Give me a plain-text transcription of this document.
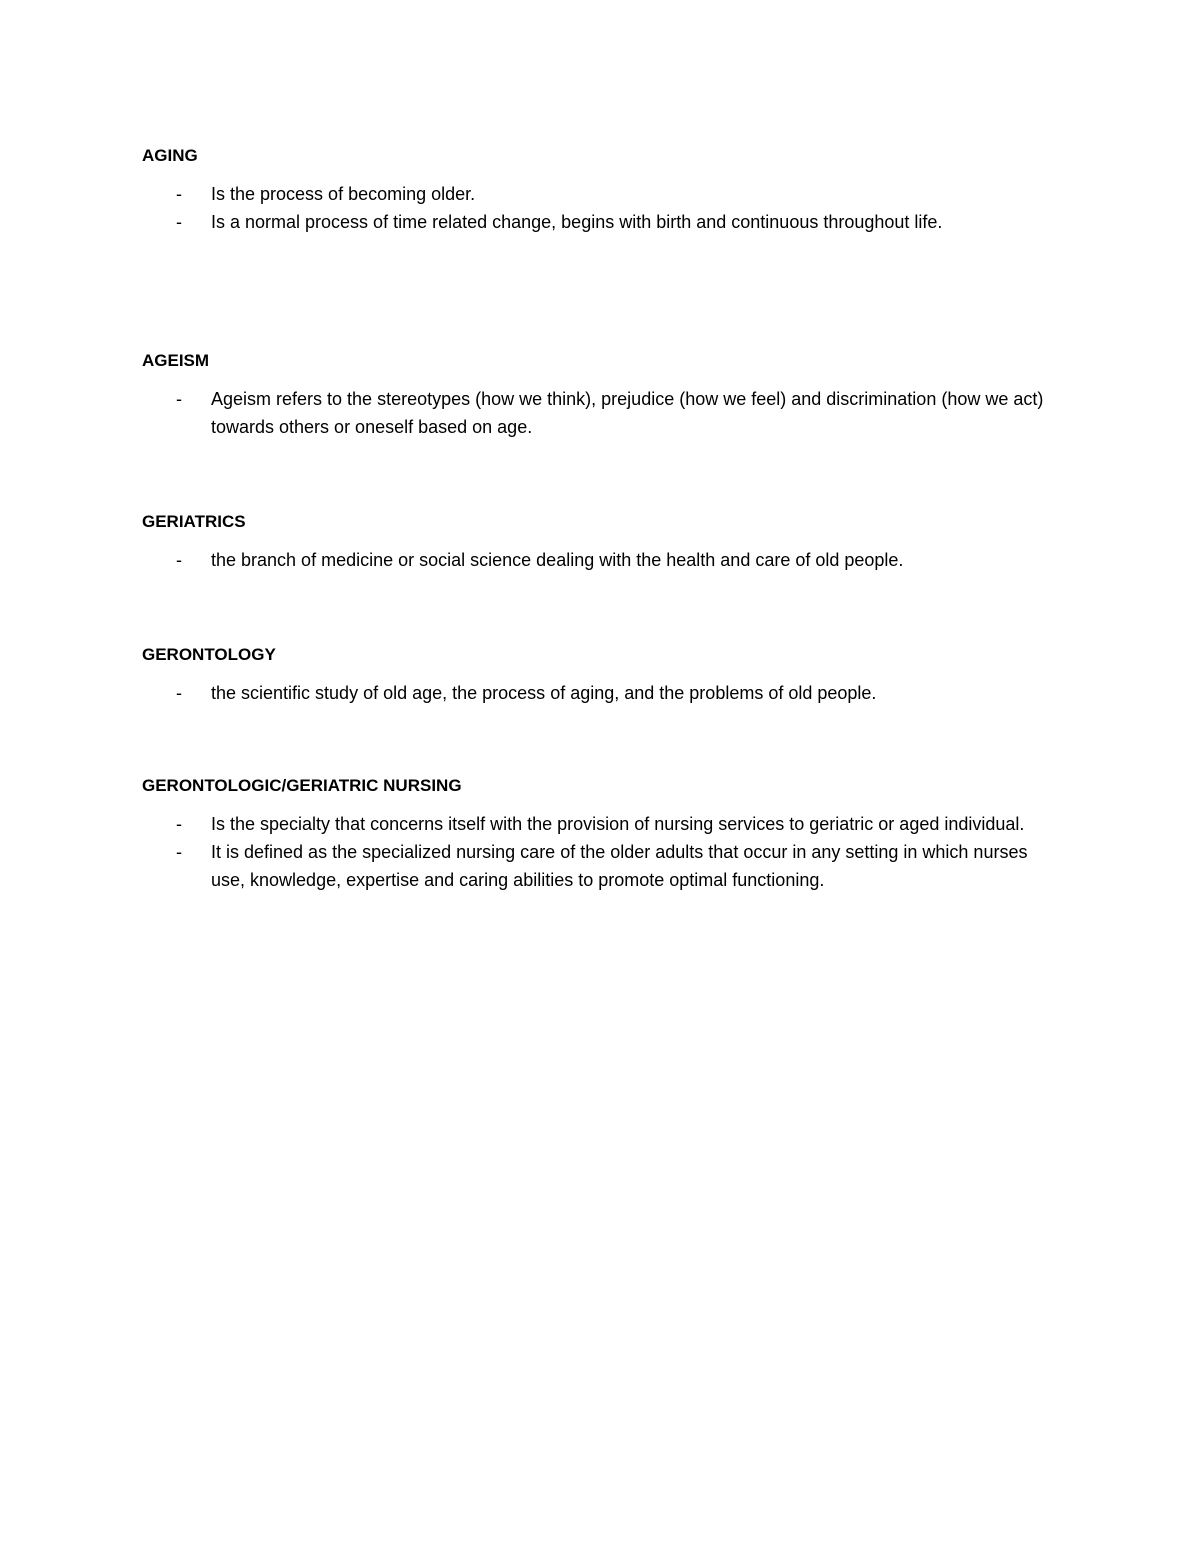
AGING
- Is the process of becoming older.
- Is a normal process of time related change, begins with birth and continuous throughout life.
AGEISM
- Ageism refers to the stereotypes (how we think), prejudice (how we feel) and discrimination (how we act) towards others or oneself based on age.
GERIATRICS
- the branch of medicine or social science dealing with the health and care of old people.
GERONTOLOGY
- the scientific study of old age, the process of aging, and the problems of old people.
GERONTOLOGIC/GERIATRIC NURSING
- Is the specialty that concerns itself with the provision of nursing services to geriatric or aged individual.
- It is defined as the specialized nursing care of the older adults that occur in any setting in which nurses use, knowledge, expertise and caring abilities to promote optimal functioning.
